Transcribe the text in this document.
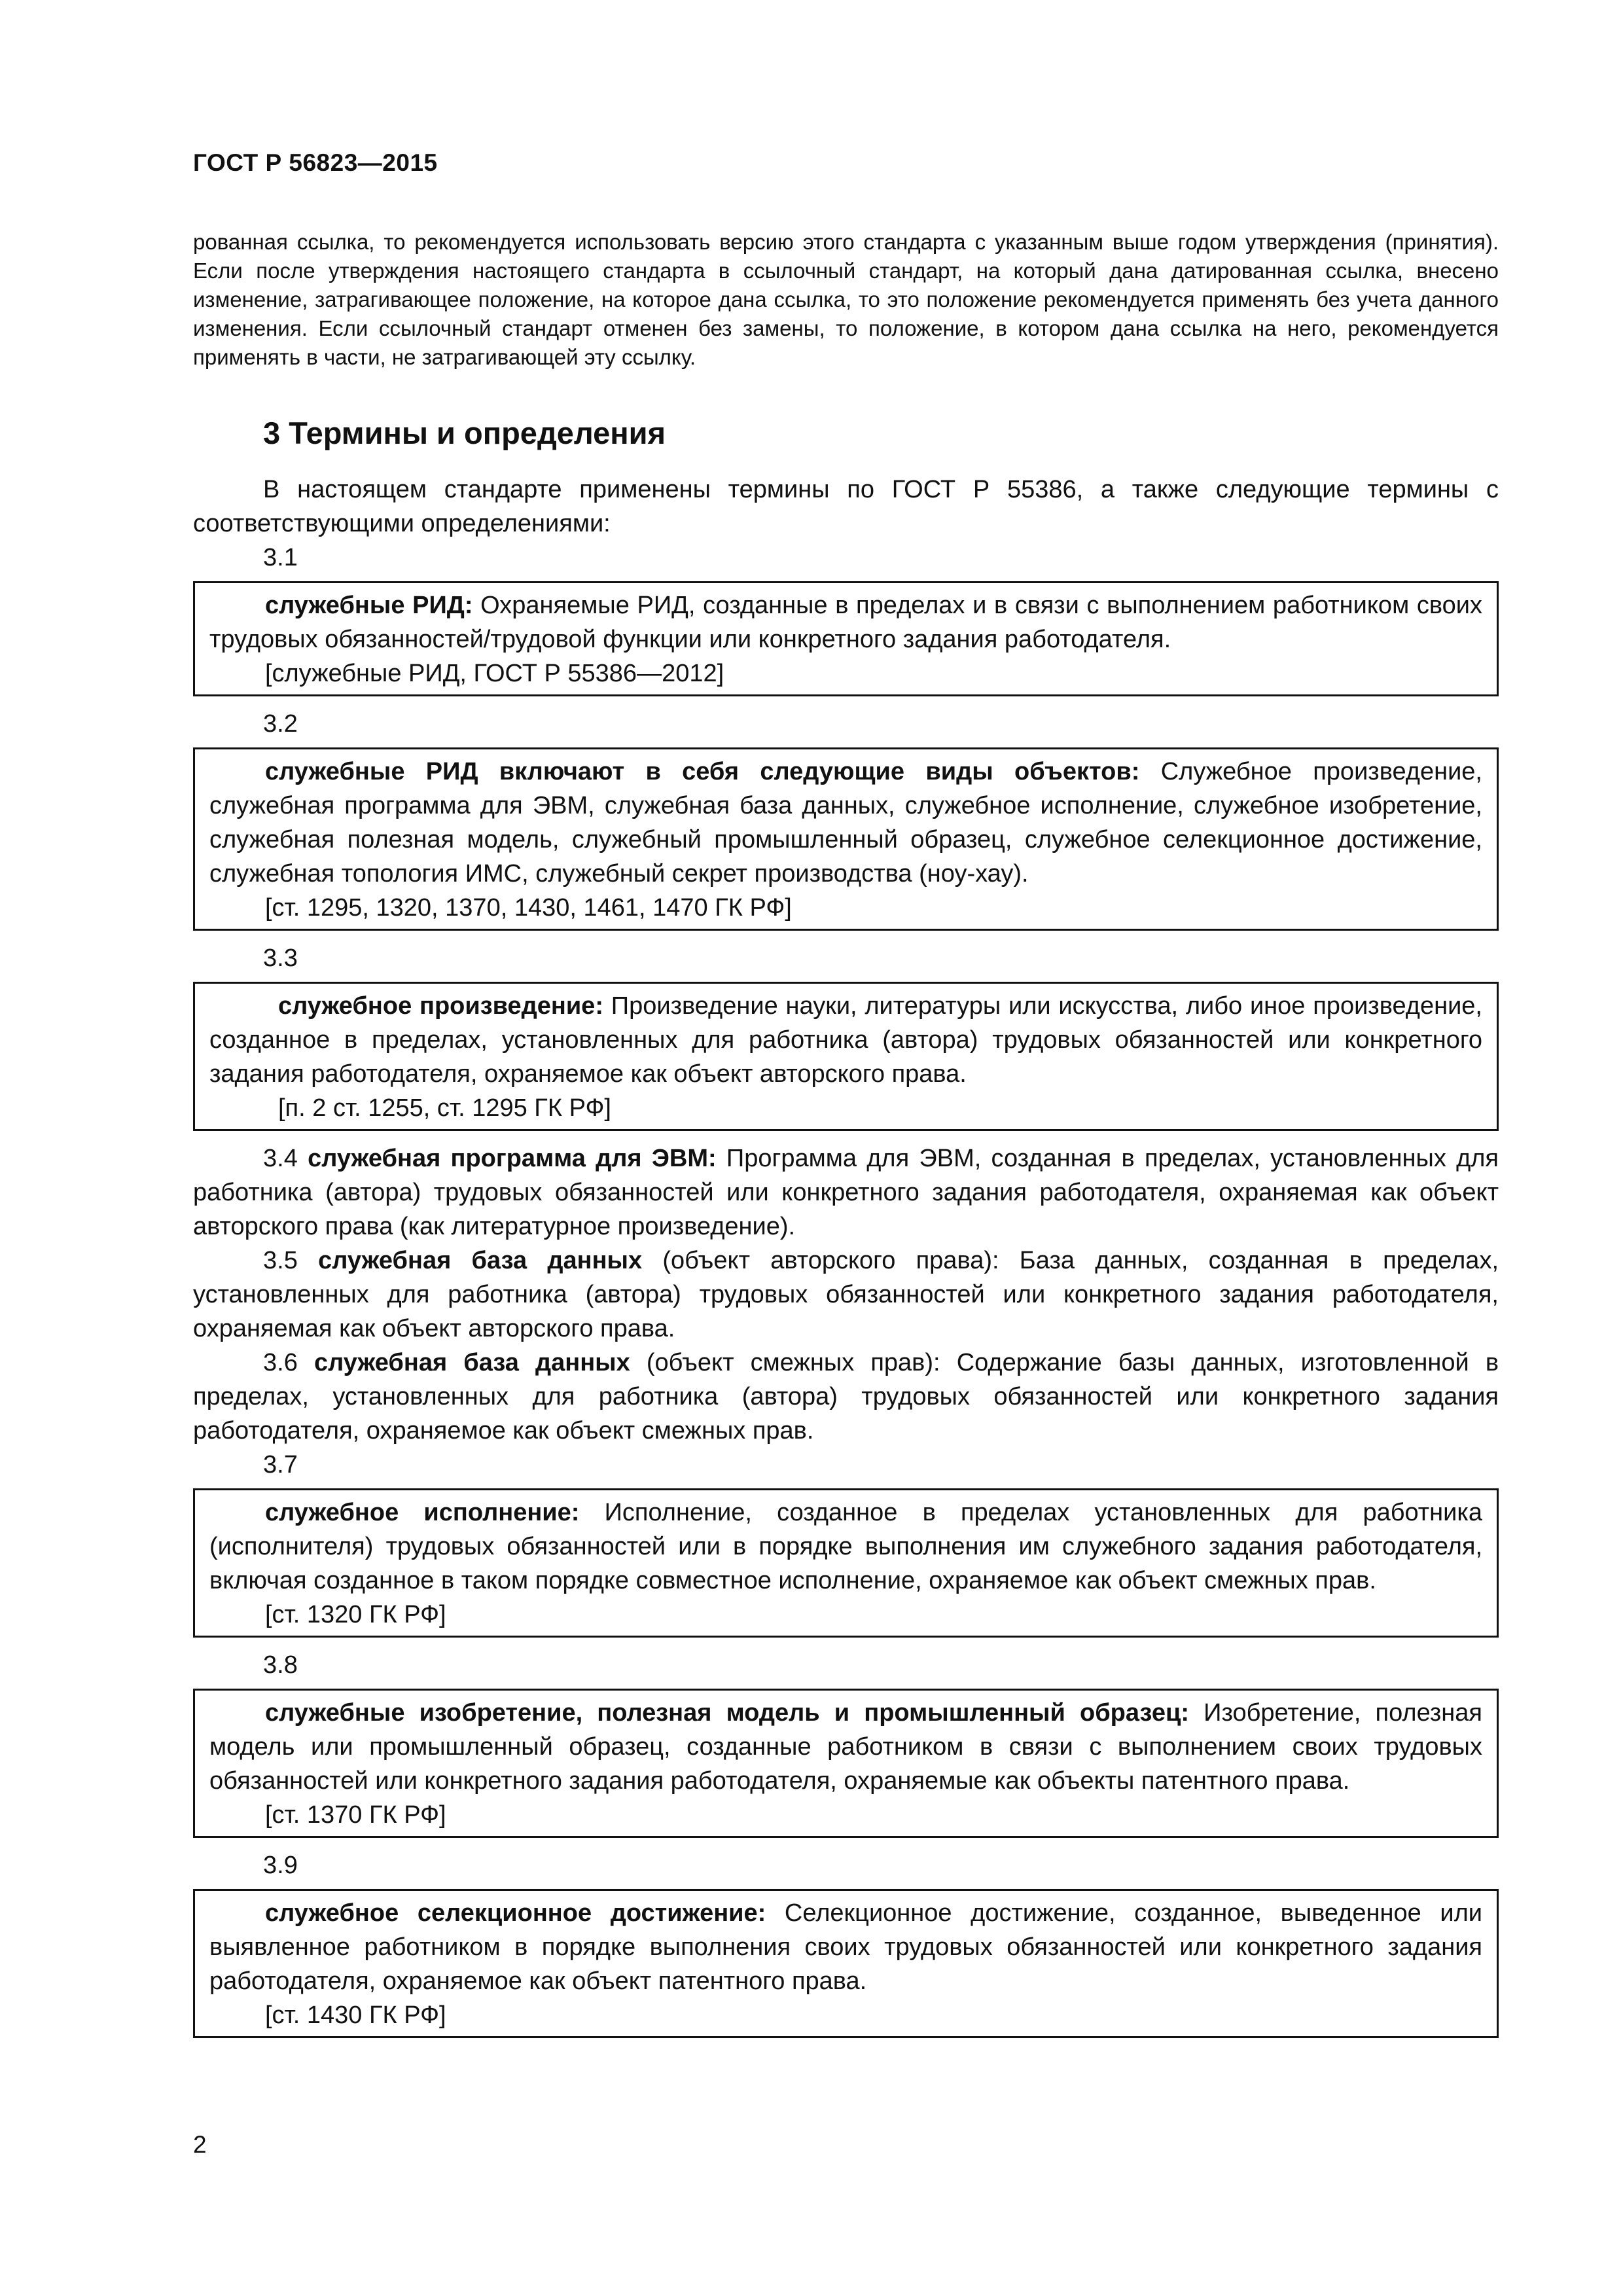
ГОСТ Р 56823—2015

рованная ссылка, то рекомендуется использовать версию этого стандарта с указанным выше годом утверждения (принятия). Если после утверждения настоящего стандарта в ссылочный стандарт, на который дана датированная ссылка, внесено изменение, затрагивающее положение, на которое дана ссылка, то это положение рекомендуется применять без учета данного изменения. Если ссылочный стандарт отменен без замены, то положение, в котором дана ссылка на него, рекомендуется применять в части, не затрагивающей эту ссылку.

3 Термины и определения

В настоящем стандарте применены термины по ГОСТ Р 55386, а также следующие термины с соответствующими определениями:

3.1

служебные РИД: Охраняемые РИД, созданные в пределах и в связи с выполнением работником своих трудовых обязанностей/трудовой функции или конкретного задания работодателя.

[служебные РИД, ГОСТ Р 55386—2012]

3.2

служебные РИД включают в себя следующие виды объектов: Служебное произведение, служебная программа для ЭВМ, служебная база данных, служебное исполнение, служебное изобретение, служебная полезная модель, служебный промышленный образец, служебное селекционное достижение, служебная топология ИМС, служебный секрет производства (ноу-хау).

[ст. 1295, 1320, 1370, 1430, 1461, 1470 ГК РФ]

3.3

служебное произведение: Произведение науки, литературы или искусства, либо иное произведение, созданное в пределах, установленных для работника (автора) трудовых обязанностей или конкретного задания работодателя, охраняемое как объект авторского права.

[п. 2 ст. 1255, ст. 1295 ГК РФ]

3.4 служебная программа для ЭВМ: Программа для ЭВМ, созданная в пределах, установленных для работника (автора) трудовых обязанностей или конкретного задания работодателя, охраняемая как объект авторского права (как литературное произведение).

3.5 служебная база данных (объект авторского права): База данных, созданная в пределах, установленных для работника (автора) трудовых обязанностей или конкретного задания работодателя, охраняемая как объект авторского права.

3.6 служебная база данных (объект смежных прав): Содержание базы данных, изготовленной в пределах, установленных для работника (автора) трудовых обязанностей или конкретного задания работодателя, охраняемое как объект смежных прав.

3.7

служебное исполнение: Исполнение, созданное в пределах установленных для работника (исполнителя) трудовых обязанностей или в порядке выполнения им служебного задания работодателя, включая созданное в таком порядке совместное исполнение, охраняемое как объект смежных прав.

[ст. 1320 ГК РФ]

3.8

служебные изобретение, полезная модель и промышленный образец: Изобретение, полезная модель или промышленный образец, созданные работником в связи с выполнением своих трудовых обязанностей или конкретного задания работодателя, охраняемые как объекты патентного права.

[ст. 1370 ГК РФ]

3.9

служебное селекционное достижение: Селекционное достижение, созданное, выведенное или выявленное работником в порядке выполнения своих трудовых обязанностей или конкретного задания работодателя, охраняемое как объект патентного права.

[ст. 1430 ГК РФ]

2
